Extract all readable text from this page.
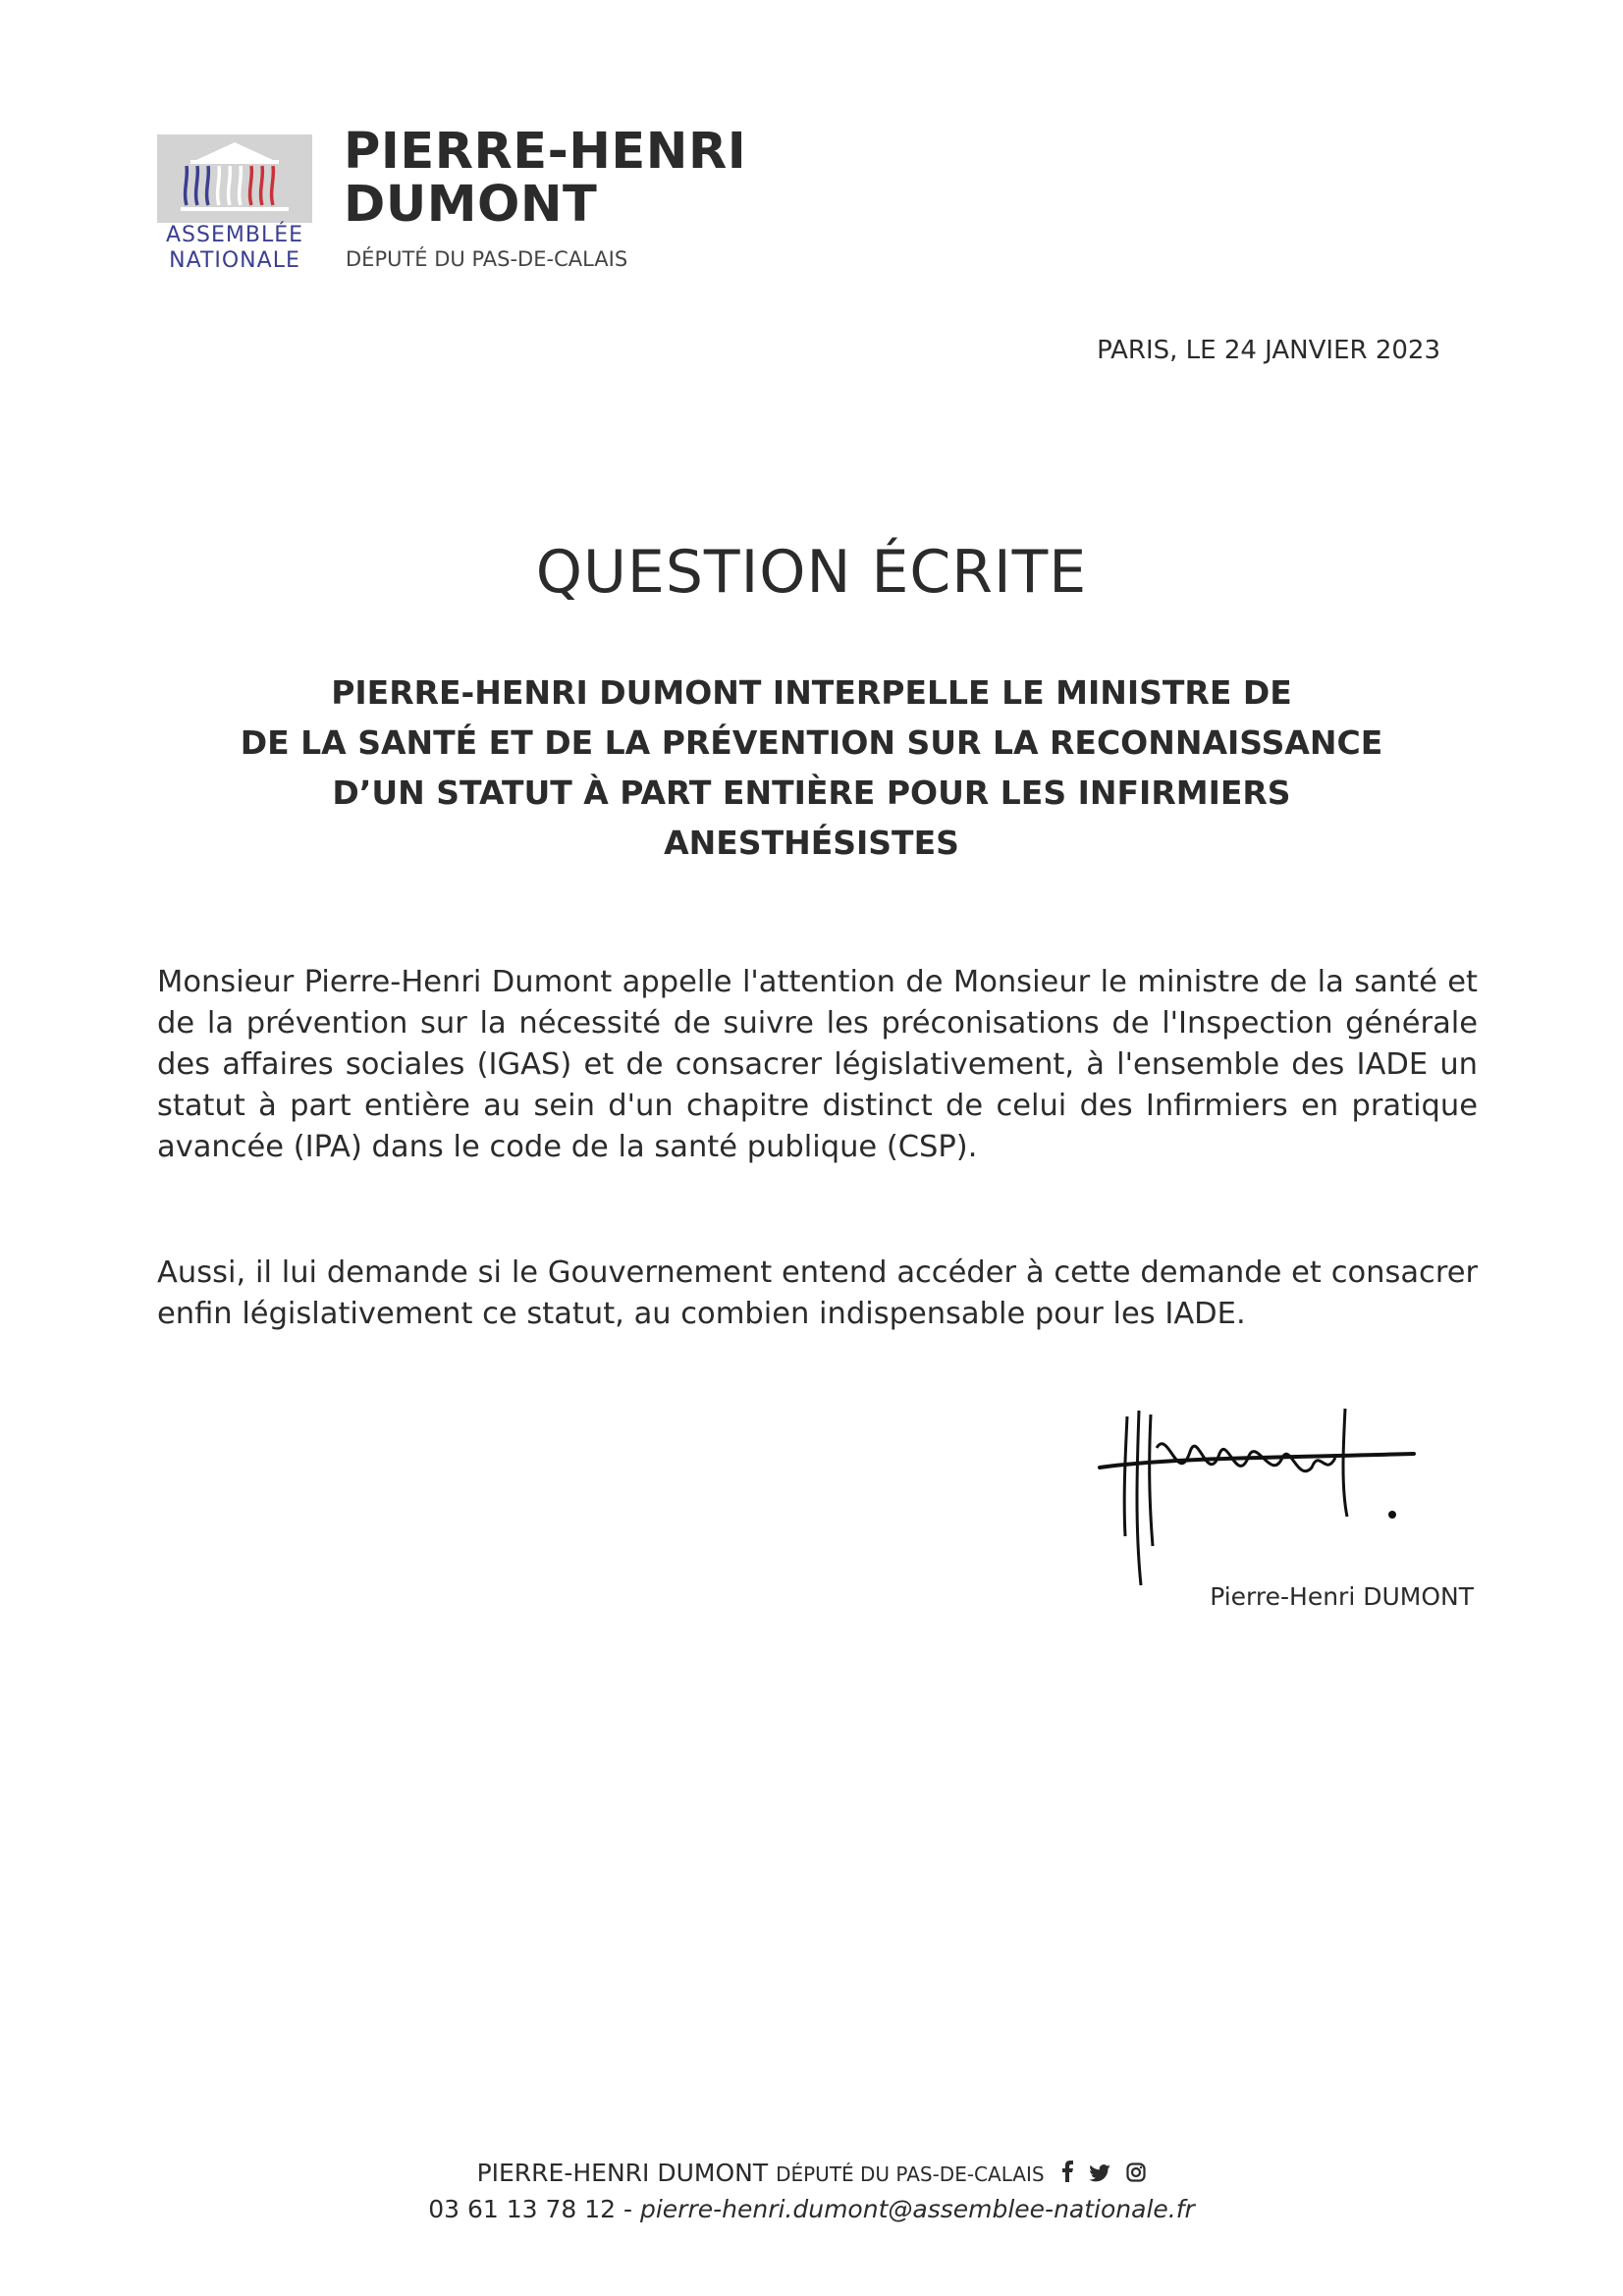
ASSEMBLÉE
NATIONALE
PIERRE-HENRI
DUMONT
DÉPUTÉ DU PAS-DE-CALAIS
PARIS, LE 24 JANVIER 2023
QUESTION ÉCRITE
PIERRE-HENRI DUMONT INTERPELLE LE MINISTRE DE
DE LA SANTÉ ET DE LA PRÉVENTION SUR LA RECONNAISSANCE
D’UN STATUT À PART ENTIÈRE POUR LES INFIRMIERS
ANESTHÉSISTES

Monsieur Pierre-Henri Dumont appelle l'attention de Monsieur le ministre de la santé et de la prévention sur la nécessité de suivre les préconisations de l'Inspection générale des affaires sociales (IGAS) et de consacrer législativement, à l'ensemble des IADE un statut à part entière au sein d'un chapitre distinct de celui des Infirmiers en pratique avancée (IPA) dans le code de la santé publique (CSP).

Aussi, il lui demande si le Gouvernement entend accéder à cette demande et consacrer enfin législativement ce statut, au combien indispensable pour les IADE.

Pierre-Henri DUMONT
PIERRE-HENRI DUMONT DÉPUTÉ DU PAS-DE-CALAIS
03 61 13 78 12 - pierre-henri.dumont@assemblee-nationale.fr
